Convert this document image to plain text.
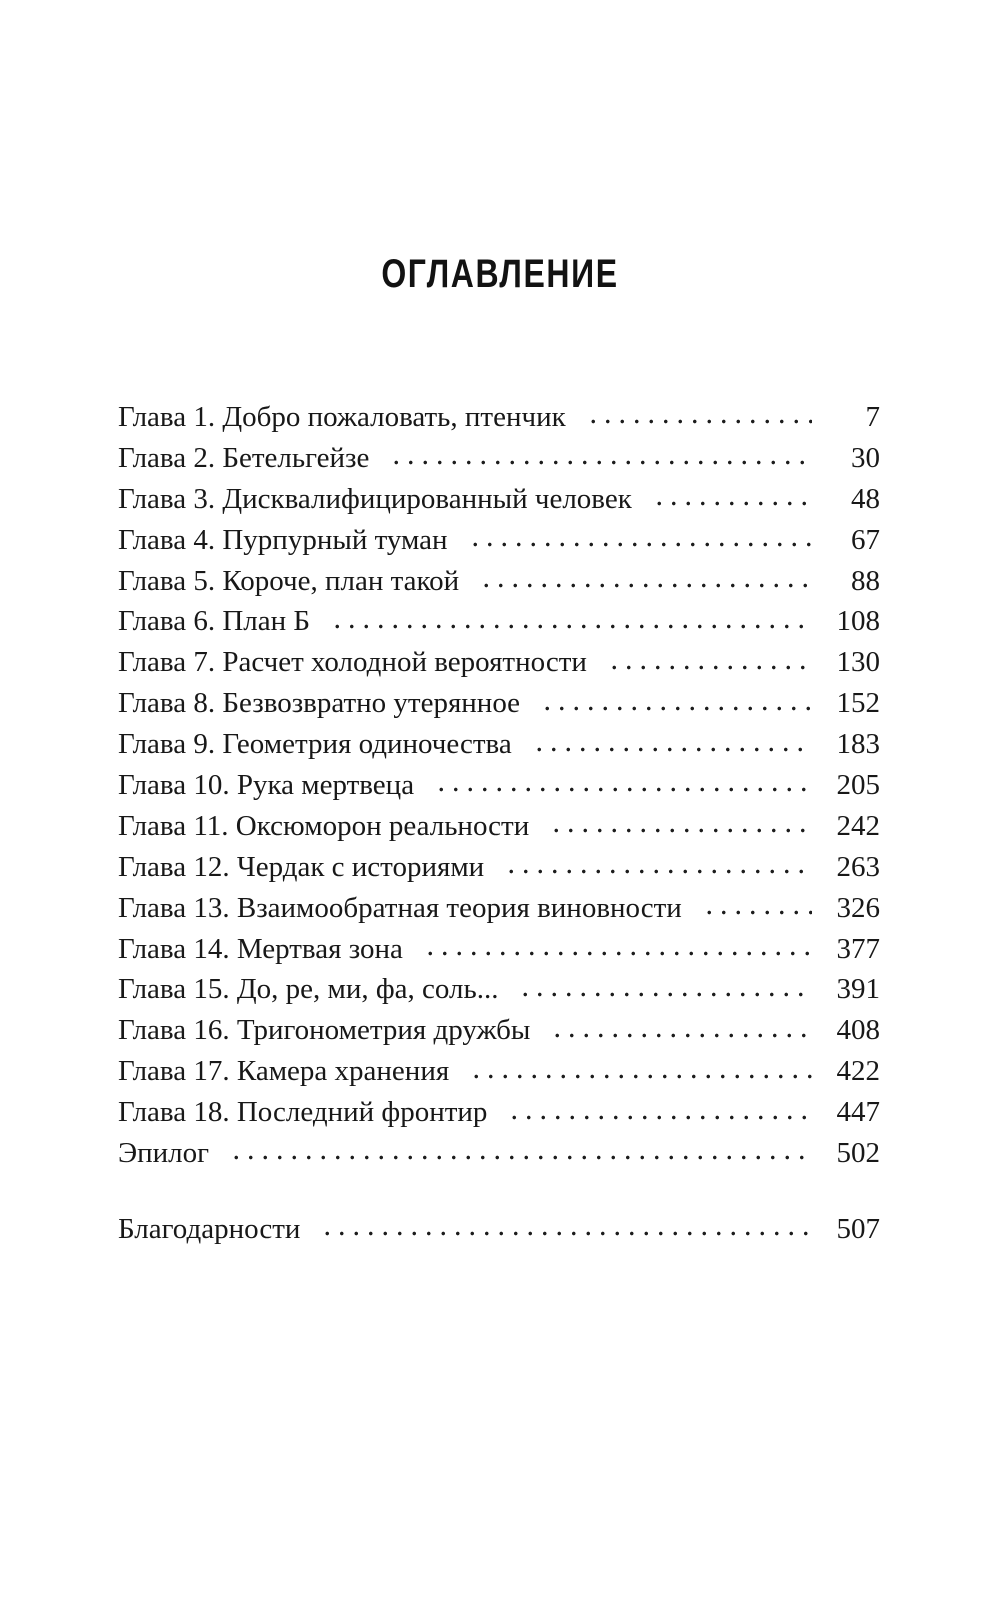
ОГЛАВЛЕНИЕ
Глава 1. Добро пожаловать, птенчик	7
Глава 2. Бетельгейзе	30
Глава 3. Дисквалифицированный человек	48
Глава 4. Пурпурный туман	67
Глава 5. Короче, план такой	88
Глава 6. План Б	108
Глава 7. Расчет холодной вероятности	130
Глава 8. Безвозвратно утерянное	152
Глава 9. Геометрия одиночества	183
Глава 10. Рука мертвеца	205
Глава 11. Оксюморон реальности	242
Глава 12. Чердак с историями	263
Глава 13. Взаимообратная теория виновности	326
Глава 14. Мертвая зона	377
Глава 15. До, ре, ми, фа, соль...	391
Глава 16. Тригонометрия дружбы	408
Глава 17. Камера хранения	422
Глава 18. Последний фронтир	447
Эпилог	502
Благодарности	507
